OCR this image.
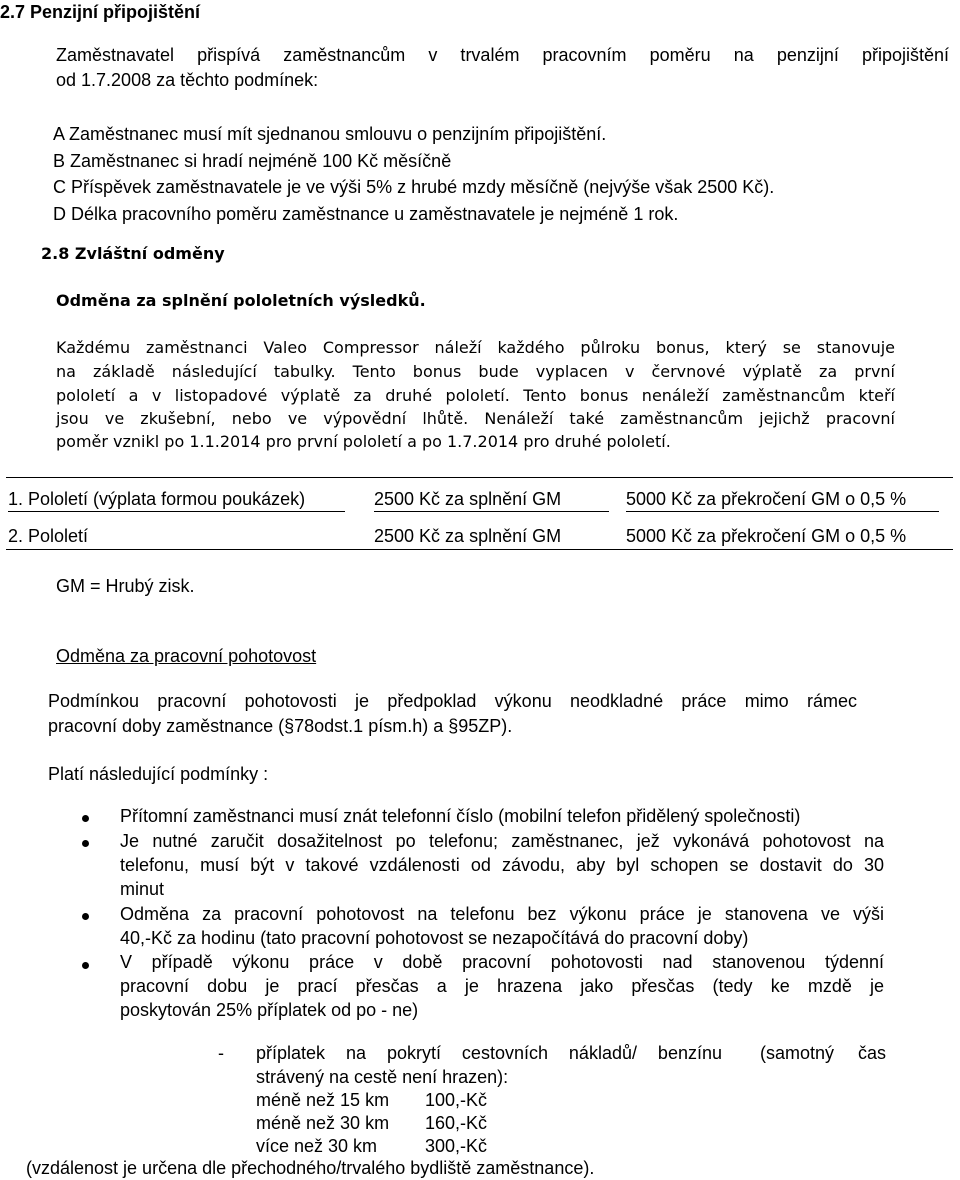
2.7 Penzijní připojištění
Zaměstnavatel přispívá zaměstnancům v trvalém pracovním poměru na penzijní připojištění
od 1.7.2008 za těchto podmínek:
A Zaměstnanec musí mít sjednanou smlouvu o penzijním připojištění.
B Zaměstnanec si hradí nejméně 100 Kč měsíčně
C Příspěvek zaměstnavatele je ve výši 5% z hrubé mzdy měsíčně (nejvýše však 2500 Kč).
D Délka pracovního poměru zaměstnance u zaměstnavatele je nejméně 1 rok.
2.8 Zvláštní odměny
Odměna za splnění pololetních výsledků.
Každému zaměstnanci Valeo Compressor náleží každého půlroku bonus, který se stanovuje
na základě následující tabulky. Tento bonus bude vyplacen v červnové výplatě za první
pololetí a v listopadové výplatě za druhé pololetí. Tento bonus nenáleží zaměstnancům kteří
jsou ve zkušební, nebo ve výpovědní lhůtě. Nenáleží také zaměstnancům jejichž pracovní
poměr vznikl po 1.1.2014 pro první pololetí a po 1.7.2014 pro druhé pololetí.
1. Pololetí (výplata formou poukázek)	2500 Kč za splnění GM	5000 Kč za překročení GM o 0,5 %
2. Pololetí	2500 Kč za splnění GM	5000 Kč za překročení GM o 0,5 %
GM = Hrubý zisk.
Odměna za pracovní pohotovost
Podmínkou pracovní pohotovosti je předpoklad výkonu neodkladné práce mimo rámec
pracovní doby zaměstnance (§78odst.1 písm.h) a §95ZP).
Platí následující podmínky :
Přítomní zaměstnanci musí znát telefonní číslo (mobilní telefon přidělený společnosti)
Je nutné zaručit dosažitelnost po telefonu; zaměstnanec, jež vykonává pohotovost na
telefonu, musí být v takové vzdálenosti od závodu, aby byl schopen se dostavit do 30
minut
Odměna za pracovní pohotovost na telefonu bez výkonu práce je stanovena ve výši
40,-Kč za hodinu (tato pracovní pohotovost se nezapočítává do pracovní doby)
V případě výkonu práce v době pracovní pohotovosti nad stanovenou týdenní
pracovní dobu je prací přesčas a je hrazena jako přesčas (tedy ke mzdě je
poskytován 25% příplatek od po - ne)
- příplatek na pokrytí cestovních nákladů/ benzínu (samotný čas
strávený na cestě není hrazen):
méně než 15 km 100,-Kč
méně než 30 km 160,-Kč
více než 30 km	300,-Kč
(vzdálenost je určena dle přechodného/trvalého bydliště zaměstnance).
